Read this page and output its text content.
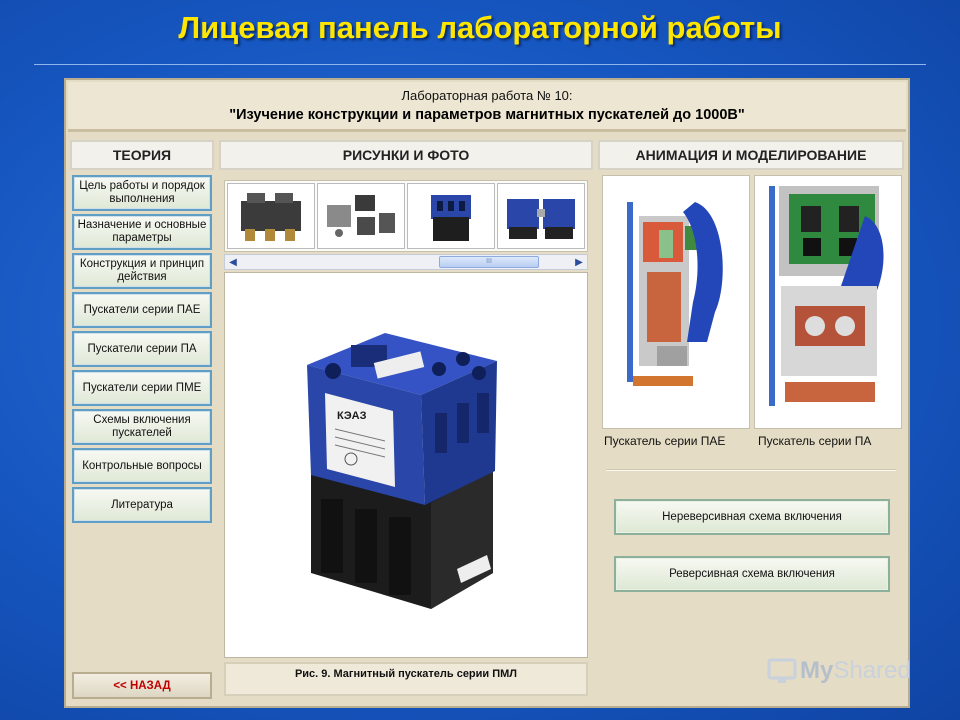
Лицевая панель лабораторной работы
Лабораторная работа № 10:
"Изучение конструкции и параметров магнитных пускателей до 1000В"
ТЕОРИЯ	РИСУНКИ И ФОТО	АНИМАЦИЯ И МОДЕЛИРОВАНИЕ
Цель работы и порядок выполнения
Назначение и основные параметры
Конструкция и принцип действия
Пускатели серии ПАЕ
Пускатели серии ПА
Пускатели серии ПМЕ
Схемы включения пускателей
Контрольные вопросы
Литература
<< НАЗАД
◀	III	▶
КЭАЗ
Рис. 9. Магнитный пускатель серии ПМЛ
Пускатель серии ПАЕ	Пускатель серии ПА
Нереверсивная схема включения
Реверсивная схема включения
My Shared
